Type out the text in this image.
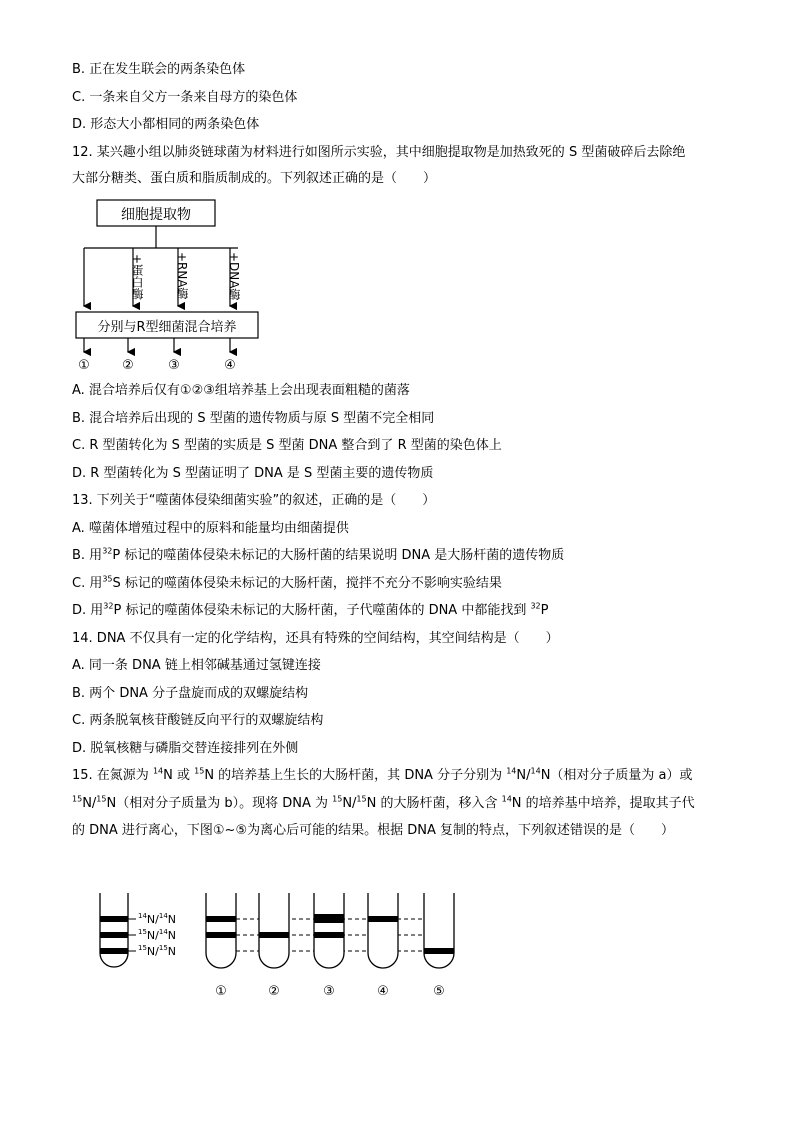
B. 正在发生联会的两条染色体
C. 一条来自父方一条来自母方的染色体
D. 形态大小都相同的两条染色体
12. 某兴趣小组以肺炎链球菌为材料进行如图所示实验，其中细胞提取物是加热致死的 S 型菌破碎后去除绝
大部分糖类、蛋白质和脂质制成的。下列叙述正确的是（　　）
细胞提取物
+蛋白酶	+RNA酶	+DNA酶
分别与R型细菌混合培养
① ②	③	④
A. 混合培养后仅有①②③组培养基上会出现表面粗糙的菌落
B. 混合培养后出现的 S 型菌的遗传物质与原 S 型菌不完全相同
C. R 型菌转化为 S 型菌的实质是 S 型菌 DNA 整合到了 R 型菌的染色体上
D. R 型菌转化为 S 型菌证明了 DNA 是 S 型菌主要的遗传物质
13. 下列关于“噬菌体侵染细菌实验”的叙述，正确的是（　　）
A. 噬菌体增殖过程中的原料和能量均由细菌提供
B. 用$^{32}$P 标记的噬菌体侵染未标记的大肠杆菌的结果说明 DNA 是大肠杆菌的遗传物质
C. 用$^{35}$S 标记的噬菌体侵染未标记的大肠杆菌，搅拌不充分不影响实验结果
D. 用$^{32}$P 标记的噬菌体侵染未标记的大肠杆菌，子代噬菌体的 DNA 中都能找到 $^{32}$P
14. DNA 不仅具有一定的化学结构，还具有特殊的空间结构，其空间结构是（　　）
A. 同一条 DNA 链上相邻碱基通过氢键连接
B. 两个 DNA 分子盘旋而成的双螺旋结构
C. 两条脱氧核苷酸链反向平行的双螺旋结构
D. 脱氧核糖与磷脂交替连接排列在外侧
15. 在氮源为 $^{14}$N 或 $^{15}$N 的培养基上生长的大肠杆菌，其 DNA 分子分别为 $^{14}$N/$^{14}$N（相对分子质量为 a）或
$^{15}$N/$^{15}$N（相对分子质量为 b）。现将 DNA 为 $^{15}$N/$^{15}$N 的大肠杆菌，移入含 $^{14}$N 的培养基中培养，提取其子代
的 DNA 进行离心，下图①~⑤为离心后可能的结果。根据 DNA 复制的特点，下列叙述错误的是（　　）
$^{14}$N/$^{14}$N
$^{15}$N/$^{14}$N
$^{15}$N/$^{15}$N
①	②	③	④	⑤
